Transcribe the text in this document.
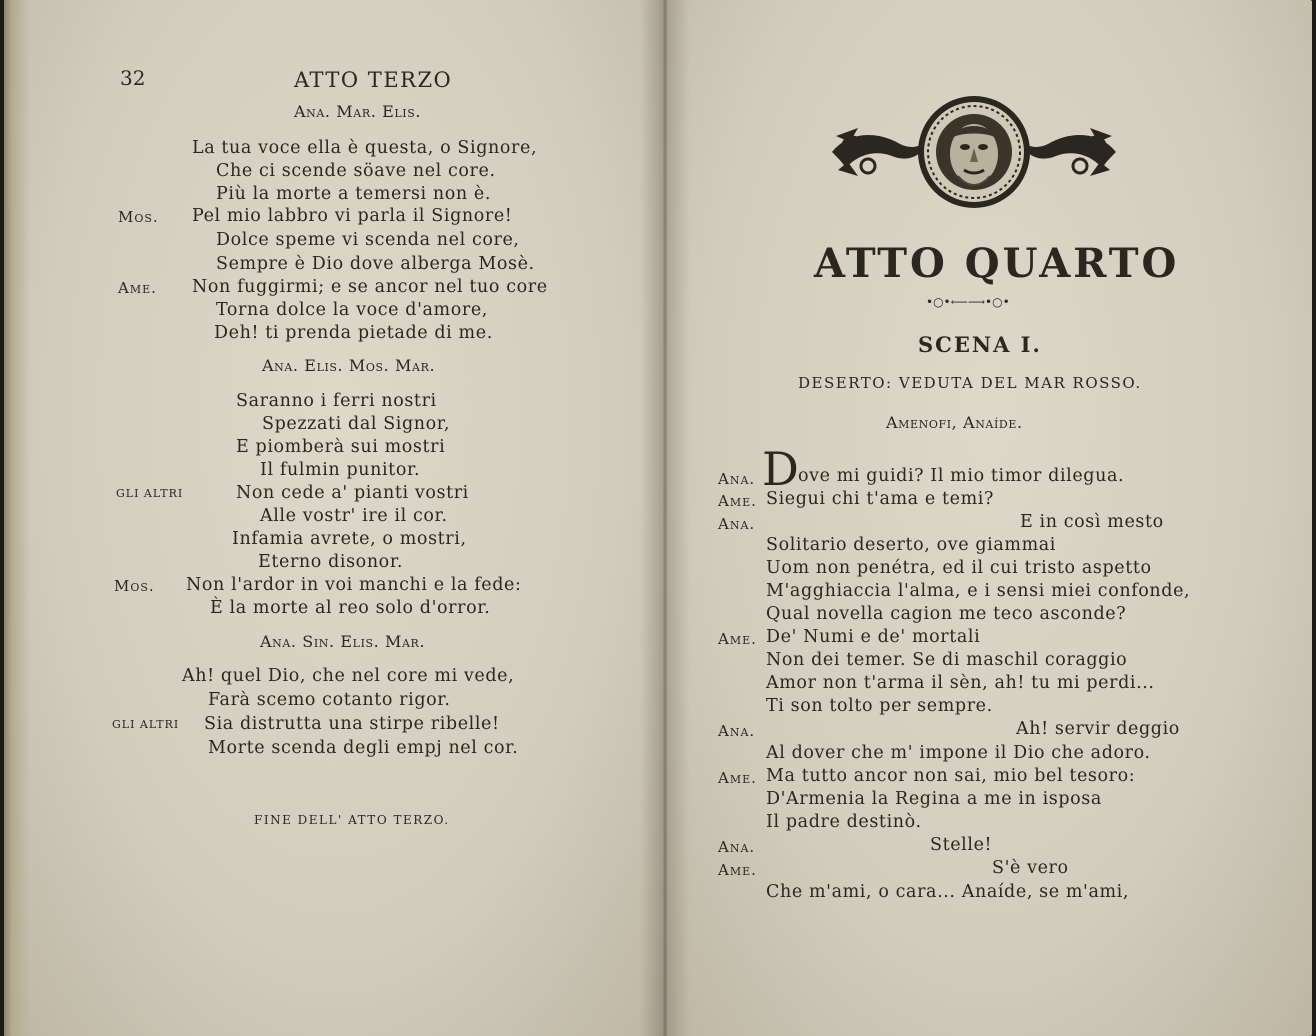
32	ATTO TERZO
Ana. Mar. Elis.
La tua voce ella è questa, o Signore,
Che ci scende söave nel core.
Più la morte a temersi non è.
Mos. Pel mio labbro vi parla il Signore!
Dolce speme vi scenda nel core,
Sempre è Dio dove alberga Mosè.
Ame. Non fuggirmi; e se ancor nel tuo core
Torna dolce la voce d'amore,
Deh! ti prenda pietade di me.
Ana. Elis. Mos. Mar.
Saranno i ferri nostri
Spezzati dal Signor,
E piomberà sui mostri
Il fulmin punitor.
GLI ALTRI	Non cede a' pianti vostri
Alle vostr' ire il cor.
Infamia avrete, o mostri,
Eterno disonor.
Mos. Non l'ardor in voi manchi e la fede:
È la morte al reo solo d'orror.
Ana. Sin. Elis. Mar.
Ah! quel Dio, che nel core mi vede,
Farà scemo cotanto rigor.
GLI ALTRI Sia distrutta una stirpe ribelle!
Morte scenda degli empj nel cor.
FINE DELL' ATTO TERZO.
ATTO QUARTO
•○•⟵⟶•○•
SCENA I.
DESERTO: VEDUTA DEL MAR ROSSO.
Amenofi, Anaíde.
Ana. D ove mi guidi? Il mio timor dilegua.
Ame. Siegui chi t'ama e temi?
Ana.	E in così mesto
Solitario deserto, ove giammai
Uom non penétra, ed il cui tristo aspetto
M'agghiaccia l'alma, e i sensi miei confonde,
Qual novella cagion me teco asconde?
Ame. De' Numi e de' mortali
Non dei temer. Se di maschil coraggio
Amor non t'arma il sèn, ah! tu mi perdi...
Ti son tolto per sempre.
Ana.	Ah! servir deggio
Al dover che m' impone il Dio che adoro.
Ame. Ma tutto ancor non sai, mio bel tesoro:
D'Armenia la Regina a me in isposa
Il padre destinò.
Ana.	Stelle!
Ame.	S'è vero
Che m'ami, o cara... Anaíde, se m'ami,
